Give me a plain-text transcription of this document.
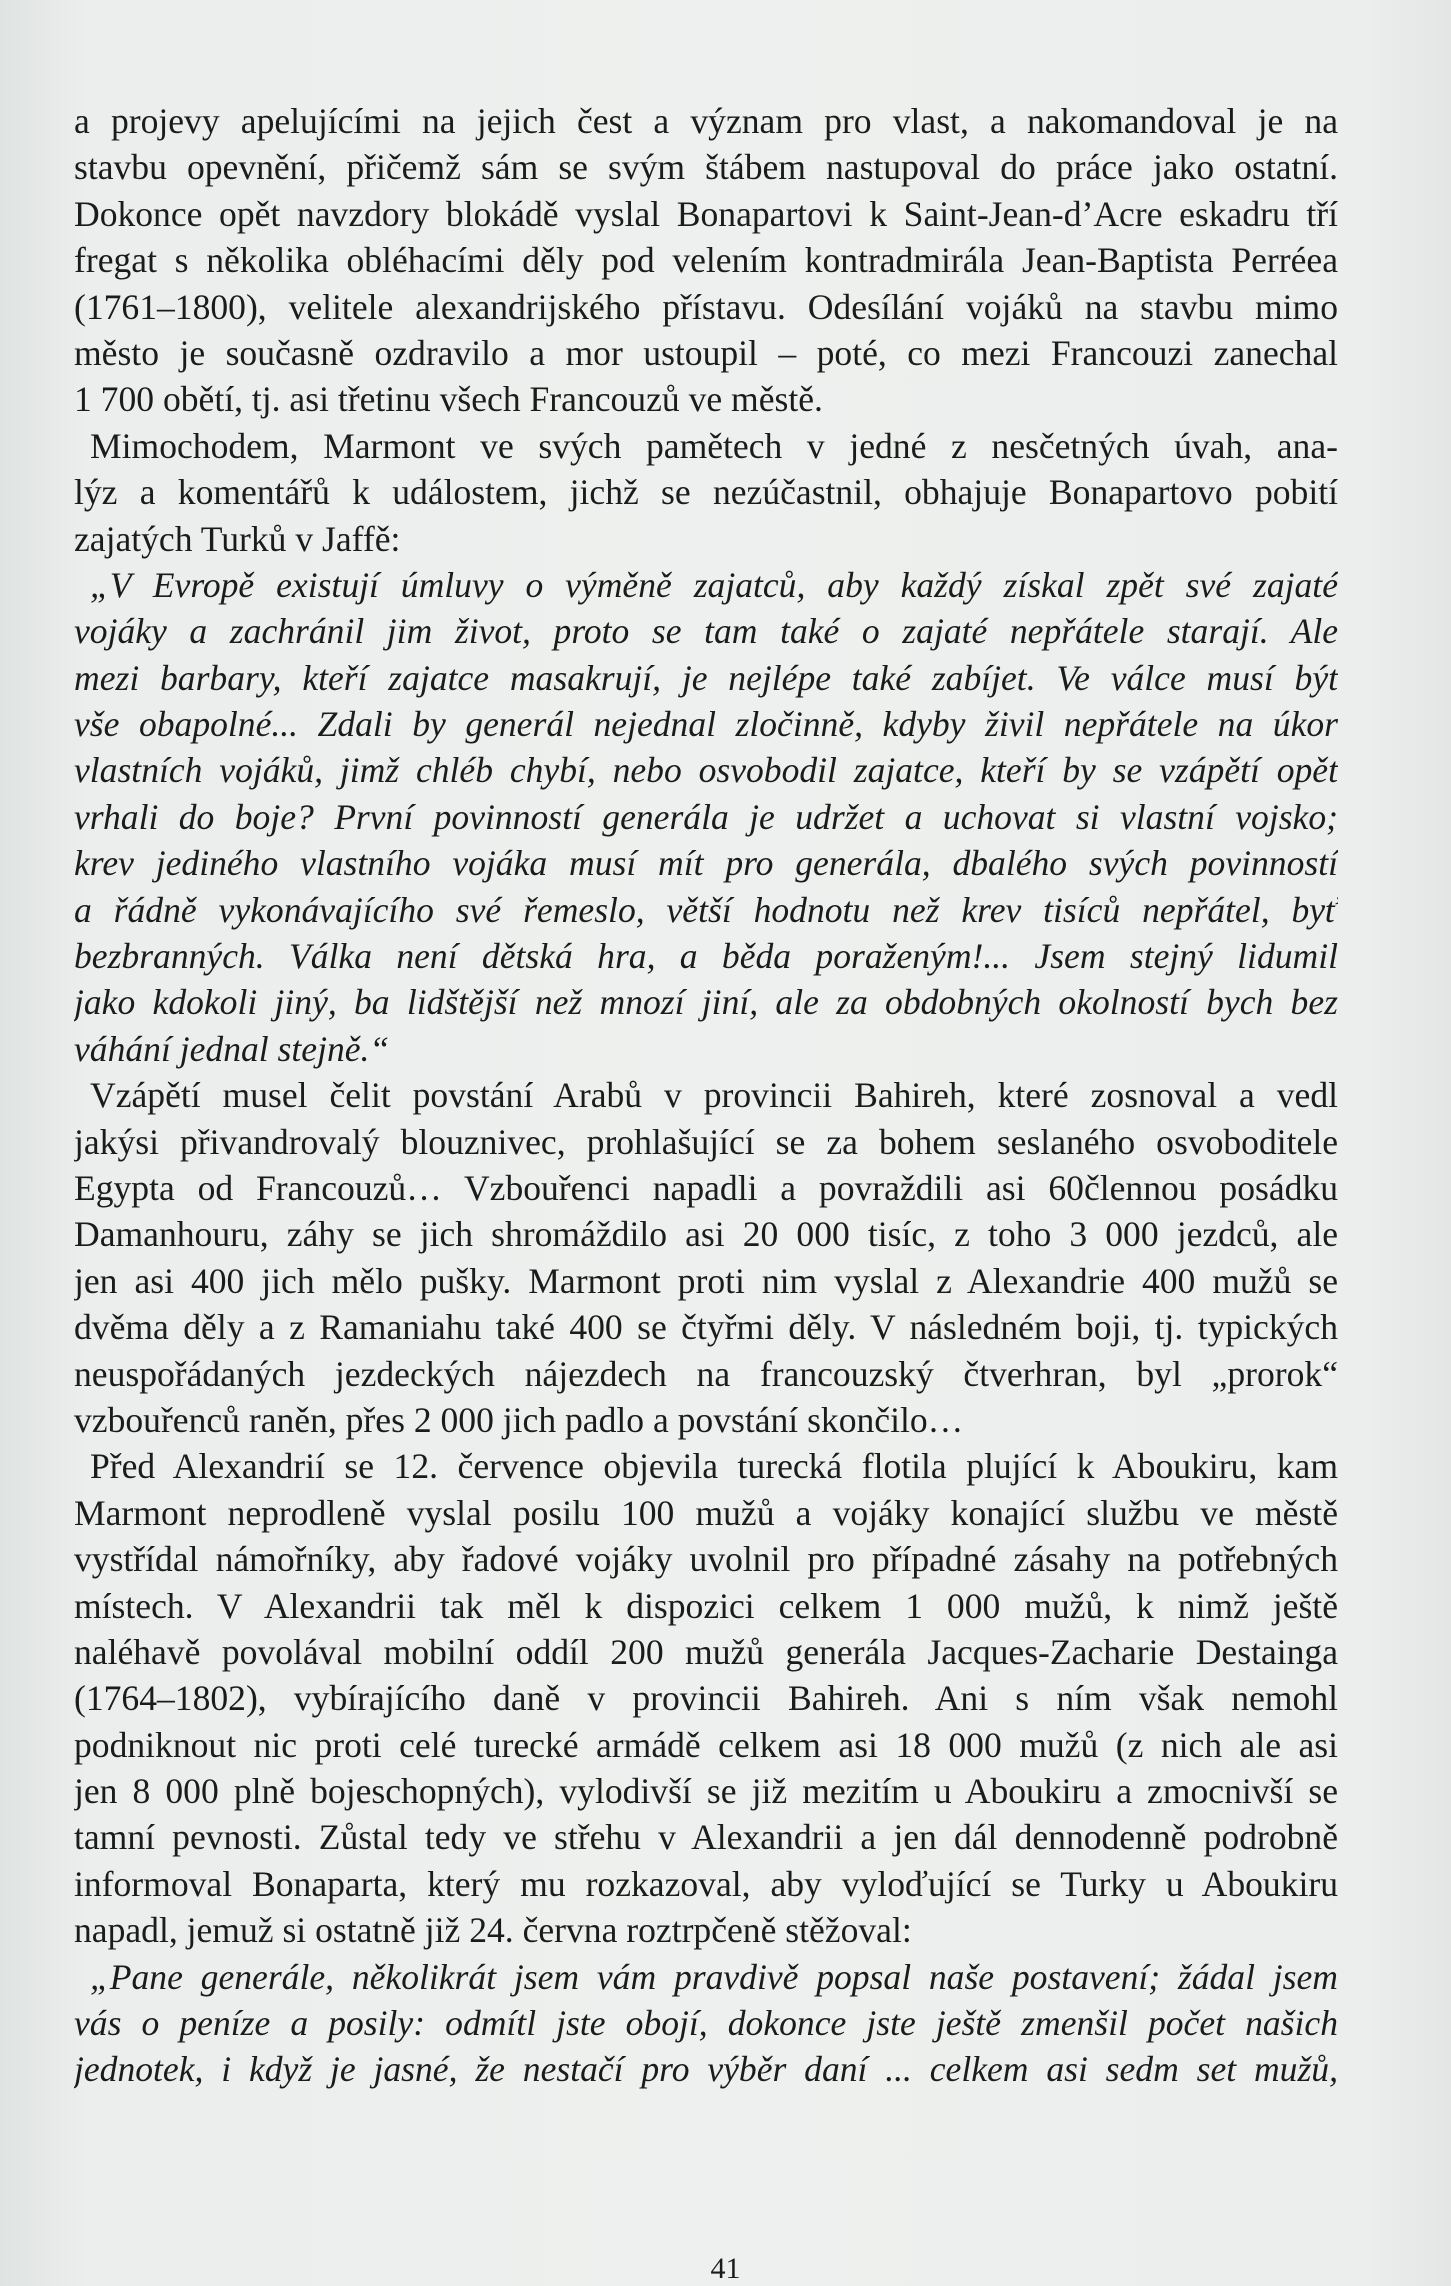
a projevy apelujícími na jejich čest a význam pro vlast, a nakomandoval je na
stavbu opevnění, přičemž sám se svým štábem nastupoval do práce jako ostatní.
Dokonce opět navzdory blokádě vyslal Bonapartovi k Saint-Jean-d’Acre eskadru tří
fregat s několika obléhacími děly pod velením kontradmirála Jean-Baptista Perréea
(1761–1800), velitele alexandrijského přístavu. Odesílání vojáků na stavbu mimo
město je současně ozdravilo a mor ustoupil – poté, co mezi Francouzi zanechal
1 700 obětí, tj. asi třetinu všech Francouzů ve městě.
Mimochodem, Marmont ve svých pamětech v jedné z nesčetných úvah, ana-
lýz a komentářů k událostem, jichž se nezúčastnil, obhajuje Bonapartovo pobití
zajatých Turků v Jaffě:
„V Evropě existují úmluvy o výměně zajatců, aby každý získal zpět své zajaté
vojáky a zachránil jim život, proto se tam také o zajaté nepřátele starají. Ale
mezi barbary, kteří zajatce masakrují, je nejlépe také zabíjet. Ve válce musí být
vše obapolné... Zdali by generál nejednal zločinně, kdyby živil nepřátele na úkor
vlastních vojáků, jimž chléb chybí, nebo osvobodil zajatce, kteří by se vzápětí opět
vrhali do boje? První povinností generála je udržet a uchovat si vlastní vojsko;
krev jediného vlastního vojáka musí mít pro generála, dbalého svých povinností
a řádně vykonávajícího své řemeslo, větší hodnotu než krev tisíců nepřátel, byť
bezbranných. Válka není dětská hra, a běda poraženým!... Jsem stejný lidumil
jako kdokoli jiný, ba lidštější než mnozí jiní, ale za obdobných okolností bych bez
váhání jednal stejně.“
Vzápětí musel čelit povstání Arabů v provincii Bahireh, které zosnoval a vedl
jakýsi přivandrovalý blouznivec, prohlašující se za bohem seslaného osvoboditele
Egypta od Francouzů… Vzbouřenci napadli a povraždili asi 60člennou posádku
Damanhouru, záhy se jich shromáždilo asi 20 000 tisíc, z toho 3 000 jezdců, ale
jen asi 400 jich mělo pušky. Marmont proti nim vyslal z Alexandrie 400 mužů se
dvěma děly a z Ramaniahu také 400 se čtyřmi děly. V následném boji, tj. typických
neuspořádaných jezdeckých nájezdech na francouzský čtverhran, byl „prorok“
vzbouřenců raněn, přes 2 000 jich padlo a povstání skončilo…
Před Alexandrií se 12. července objevila turecká flotila plující k Aboukiru, kam
Marmont neprodleně vyslal posilu 100 mužů a vojáky konající službu ve městě
vystřídal námořníky, aby řadové vojáky uvolnil pro případné zásahy na potřebných
místech. V Alexandrii tak měl k dispozici celkem 1 000 mužů, k nimž ještě
naléhavě povolával mobilní oddíl 200 mužů generála Jacques-Zacharie Destainga
(1764–1802), vybírajícího daně v provincii Bahireh. Ani s ním však nemohl
podniknout nic proti celé turecké armádě celkem asi 18 000 mužů (z nich ale asi
jen 8 000 plně bojeschopných), vylodivší se již mezitím u Aboukiru a zmocnivší se
tamní pevnosti. Zůstal tedy ve střehu v Alexandrii a jen dál dennodenně podrobně
informoval Bonaparta, který mu rozkazoval, aby vyloďující se Turky u Aboukiru
napadl, jemuž si ostatně již 24. června roztrpčeně stěžoval:
„Pane generále, několikrát jsem vám pravdivě popsal naše postavení; žádal jsem
vás o peníze a posily: odmítl jste obojí, dokonce jste ještě zmenšil počet našich
jednotek, i když je jasné, že nestačí pro výběr daní ... celkem asi sedm set mužů,
41
